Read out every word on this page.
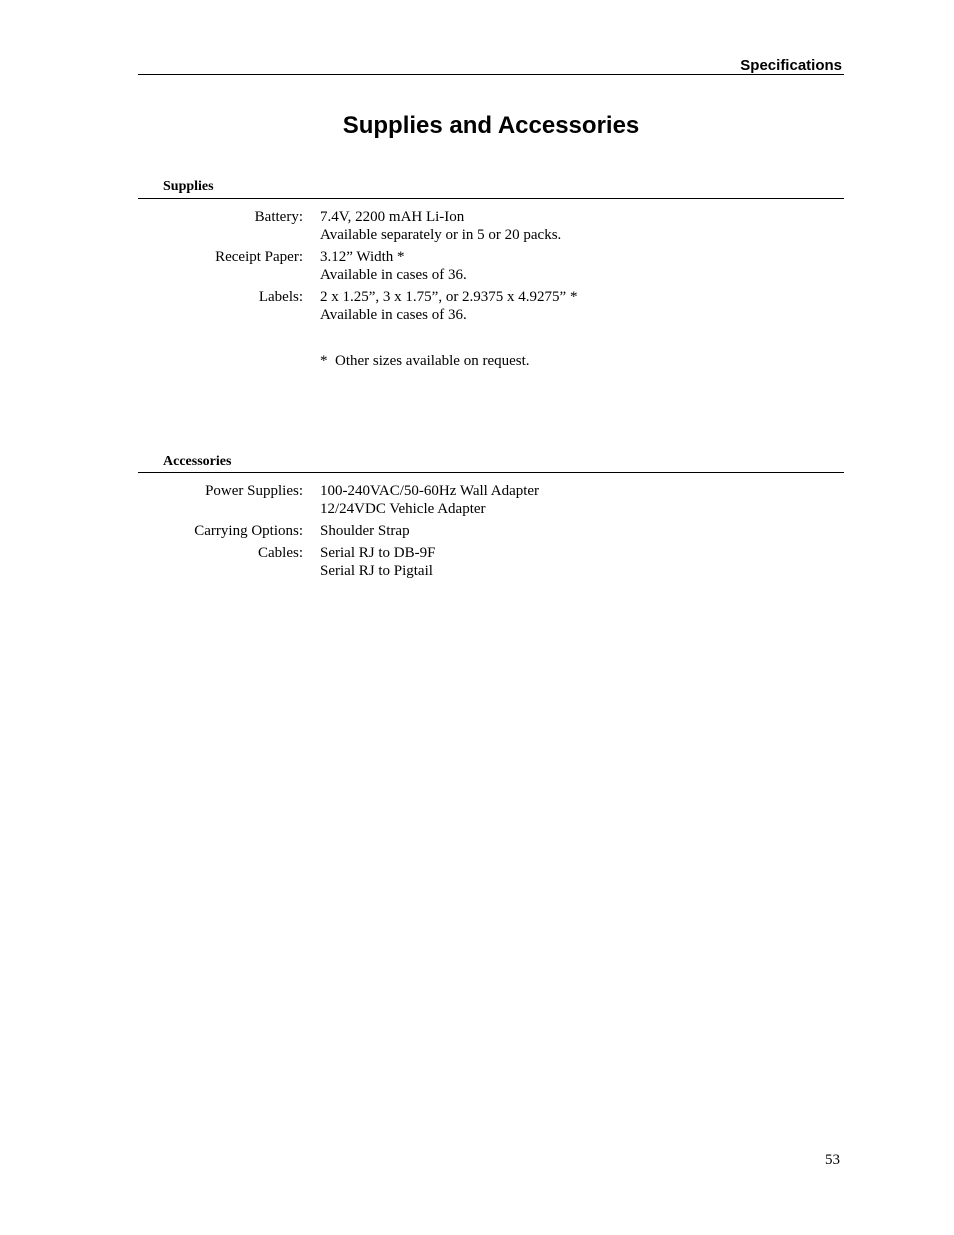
Specifications
Supplies and Accessories
Supplies
Battery:	7.4V, 2200 mAH Li-Ion
Available separately or in 5 or 20 packs.
Receipt Paper:	3.12” Width *
Available in cases of 36.
Labels:	2 x 1.25”, 3 x 1.75”, or 2.9375 x 4.9275” *
Available in cases of 36.
*  Other sizes available on request.
Accessories
Power Supplies:	100-240VAC/50-60Hz Wall Adapter
12/24VDC Vehicle Adapter
Carrying Options:	Shoulder Strap
Cables:	Serial RJ to DB-9F
Serial RJ to Pigtail
53
